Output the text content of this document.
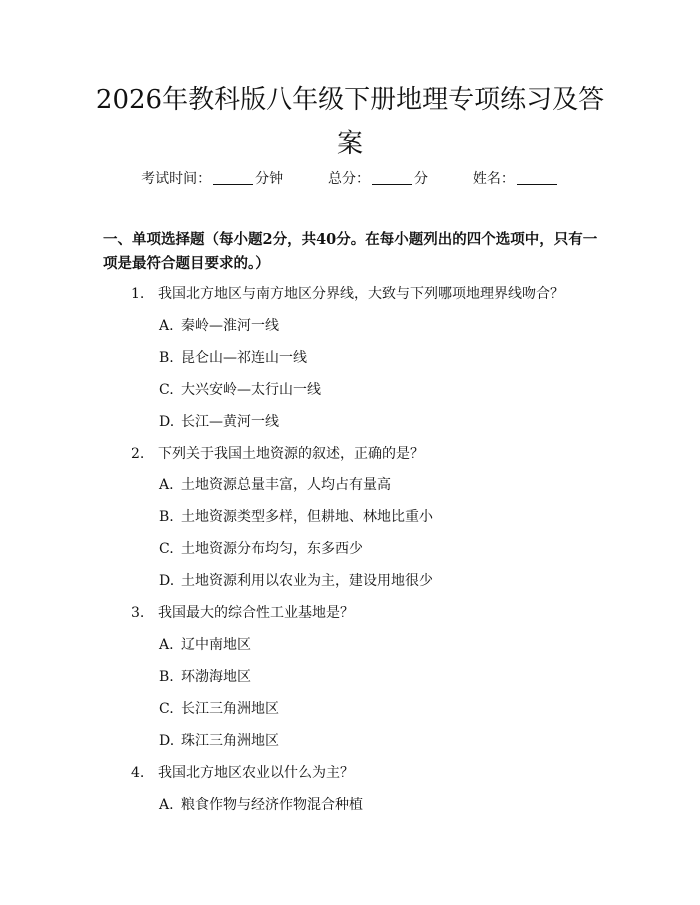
2026年教科版八年级下册地理专项练习及答案
考试时间：	分钟	总分：	分	姓名：
一、单项选择题（每小题2分，共40分。在每小题列出的四个选项中，只有一项是最符合题目要求的。）
1. 我国北方地区与南方地区分界线，大致与下列哪项地理界线吻合？
A. 秦岭—淮河一线
B. 昆仑山—祁连山一线
C. 大兴安岭—太行山一线
D. 长江—黄河一线
2. 下列关于我国土地资源的叙述，正确的是？
A. 土地资源总量丰富，人均占有量高
B. 土地资源类型多样，但耕地、林地比重小
C. 土地资源分布均匀，东多西少
D. 土地资源利用以农业为主，建设用地很少
3. 我国最大的综合性工业基地是？
A. 辽中南地区
B. 环渤海地区
C. 长江三角洲地区
D. 珠江三角洲地区
4. 我国北方地区农业以什么为主？
A. 粮食作物与经济作物混合种植
